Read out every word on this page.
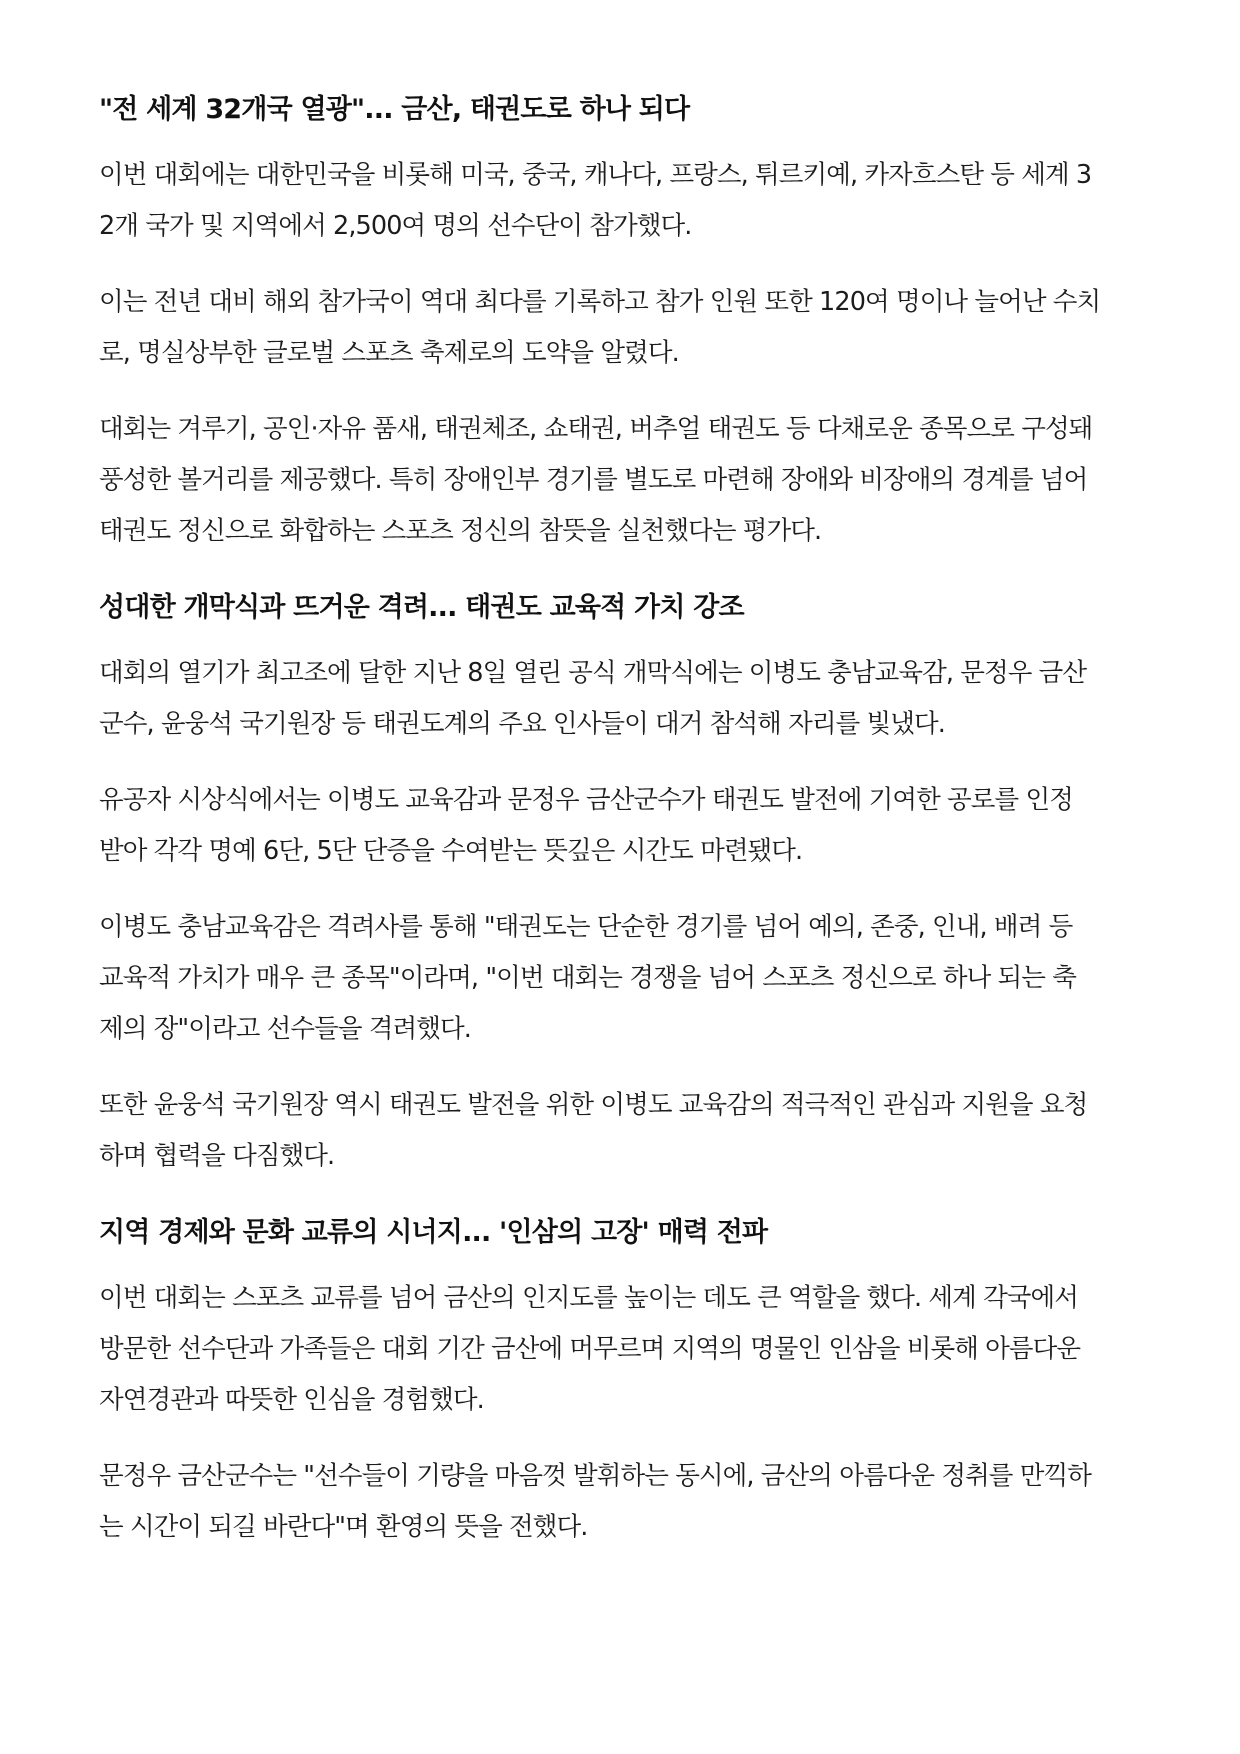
"전 세계 32개국 열광"... 금산, 태권도로 하나 되다

이번 대회에는 대한민국을 비롯해 미국, 중국, 캐나다, 프랑스, 튀르키예, 카자흐스탄 등 세계 3
2개 국가 및 지역에서 2,500여 명의 선수단이 참가했다.

이는 전년 대비 해외 참가국이 역대 최다를 기록하고 참가 인원 또한 120여 명이나 늘어난 수치
로, 명실상부한 글로벌 스포츠 축제로의 도약을 알렸다.

대회는 겨루기, 공인·자유 품새, 태권체조, 쇼태권, 버추얼 태권도 등 다채로운 종목으로 구성돼
풍성한 볼거리를 제공했다. 특히 장애인부 경기를 별도로 마련해 장애와 비장애의 경계를 넘어
태권도 정신으로 화합하는 스포츠 정신의 참뜻을 실천했다는 평가다.

성대한 개막식과 뜨거운 격려... 태권도 교육적 가치 강조

대회의 열기가 최고조에 달한 지난 8일 열린 공식 개막식에는 이병도 충남교육감, 문정우 금산
군수, 윤웅석 국기원장 등 태권도계의 주요 인사들이 대거 참석해 자리를 빛냈다.

유공자 시상식에서는 이병도 교육감과 문정우 금산군수가 태권도 발전에 기여한 공로를 인정
받아 각각 명예 6단, 5단 단증을 수여받는 뜻깊은 시간도 마련됐다.

이병도 충남교육감은 격려사를 통해 "태권도는 단순한 경기를 넘어 예의, 존중, 인내, 배려 등
교육적 가치가 매우 큰 종목"이라며, "이번 대회는 경쟁을 넘어 스포츠 정신으로 하나 되는 축
제의 장"이라고 선수들을 격려했다.

또한 윤웅석 국기원장 역시 태권도 발전을 위한 이병도 교육감의 적극적인 관심과 지원을 요청
하며 협력을 다짐했다.

지역 경제와 문화 교류의 시너지... '인삼의 고장' 매력 전파

이번 대회는 스포츠 교류를 넘어 금산의 인지도를 높이는 데도 큰 역할을 했다. 세계 각국에서
방문한 선수단과 가족들은 대회 기간 금산에 머무르며 지역의 명물인 인삼을 비롯해 아름다운
자연경관과 따뜻한 인심을 경험했다.

문정우 금산군수는 "선수들이 기량을 마음껏 발휘하는 동시에, 금산의 아름다운 정취를 만끽하
는 시간이 되길 바란다"며 환영의 뜻을 전했다.
